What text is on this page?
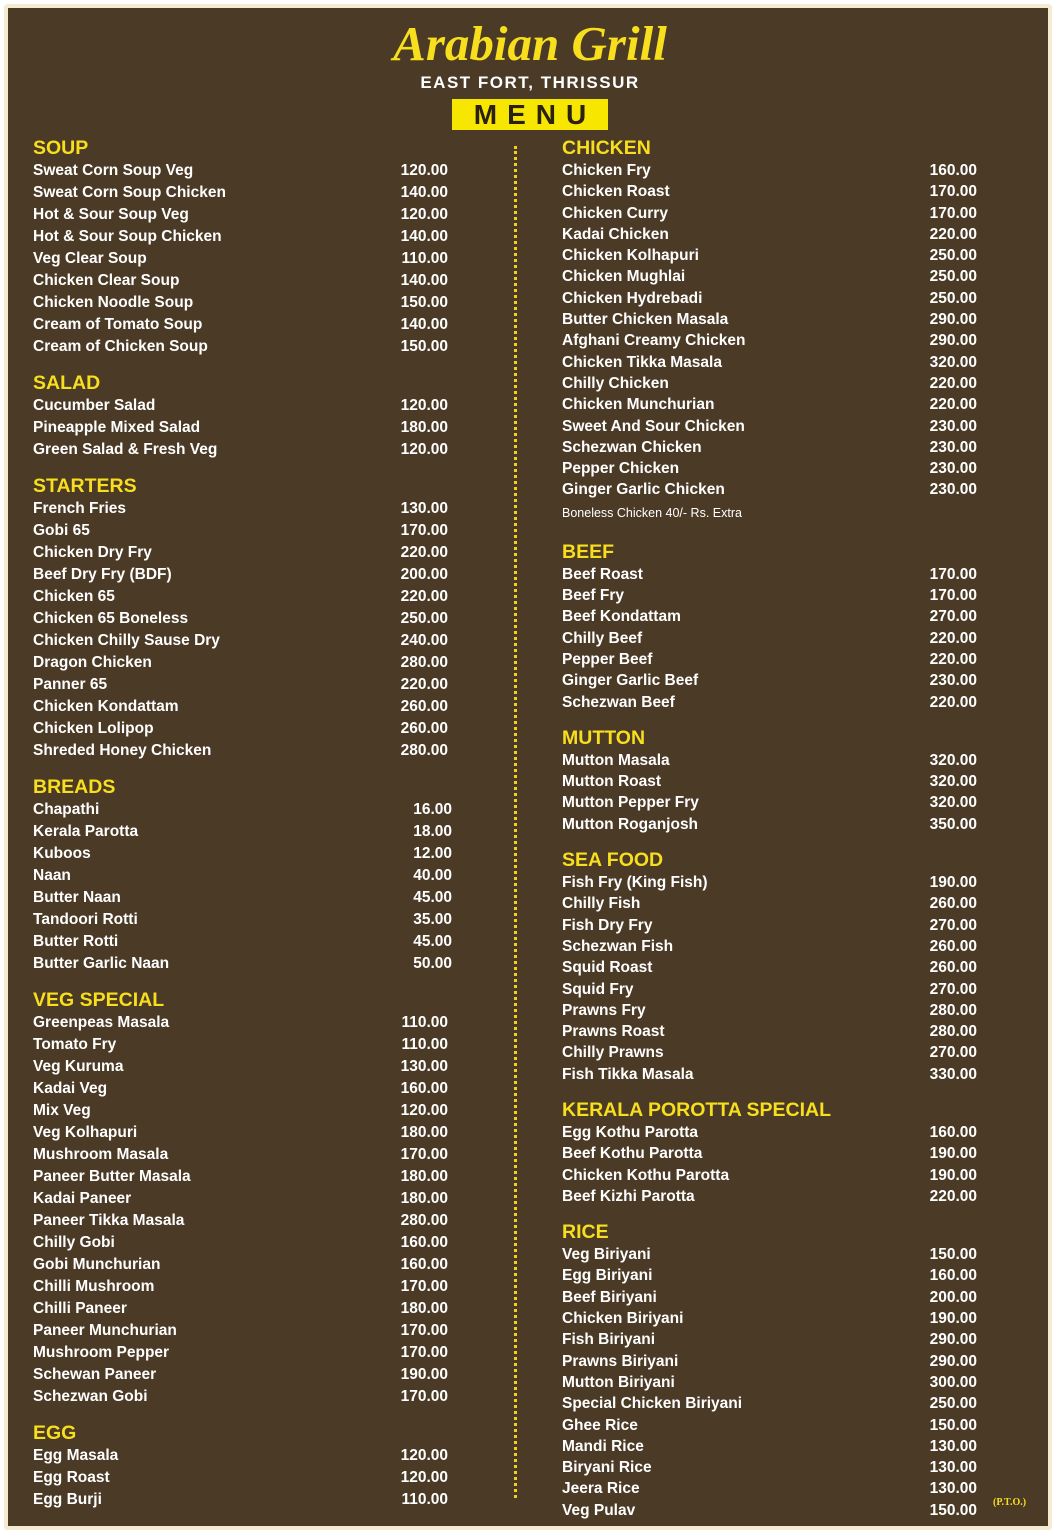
Arabian Grill
EAST FORT, THRISSUR
MENU
SOUP
Sweat Corn Soup Veg	120.00
Sweat Corn Soup Chicken	140.00
Hot & Sour Soup Veg	120.00
Hot & Sour Soup Chicken	140.00
Veg Clear Soup	110.00
Chicken Clear Soup	140.00
Chicken Noodle Soup	150.00
Cream of Tomato Soup	140.00
Cream of Chicken Soup	150.00
SALAD
Cucumber Salad	120.00
Pineapple Mixed Salad	180.00
Green Salad & Fresh Veg	120.00
STARTERS
French Fries	130.00
Gobi 65	170.00
Chicken Dry Fry	220.00
Beef Dry Fry (BDF)	200.00
Chicken 65	220.00
Chicken 65 Boneless	250.00
Chicken Chilly Sause Dry	240.00
Dragon Chicken	280.00
Panner 65	220.00
Chicken Kondattam	260.00
Chicken Lolipop	260.00
Shreded Honey Chicken	280.00
BREADS
Chapathi	16.00
Kerala Parotta	18.00
Kuboos	12.00
Naan	40.00
Butter Naan	45.00
Tandoori Rotti	35.00
Butter Rotti	45.00
Butter Garlic Naan	50.00
VEG SPECIAL
Greenpeas Masala	110.00
Tomato Fry	110.00
Veg Kuruma	130.00
Kadai Veg	160.00
Mix Veg	120.00
Veg Kolhapuri	180.00
Mushroom Masala	170.00
Paneer Butter Masala	180.00
Kadai Paneer	180.00
Paneer Tikka Masala	280.00
Chilly Gobi	160.00
Gobi Munchurian	160.00
Chilli Mushroom	170.00
Chilli Paneer	180.00
Paneer Munchurian	170.00
Mushroom Pepper	170.00
Schewan Paneer	190.00
Schezwan Gobi	170.00
EGG
Egg Masala	120.00
Egg Roast	120.00
Egg Burji	110.00
CHICKEN
Chicken Fry	160.00
Chicken Roast	170.00
Chicken Curry	170.00
Kadai Chicken	220.00
Chicken Kolhapuri	250.00
Chicken Mughlai	250.00
Chicken Hydrebadi	250.00
Butter Chicken Masala	290.00
Afghani Creamy Chicken	290.00
Chicken Tikka Masala	320.00
Chilly Chicken	220.00
Chicken Munchurian	220.00
Sweet And Sour Chicken	230.00
Schezwan Chicken	230.00
Pepper Chicken	230.00
Ginger Garlic Chicken	230.00
Boneless Chicken 40/- Rs. Extra
BEEF
Beef Roast	170.00
Beef Fry	170.00
Beef Kondattam	270.00
Chilly Beef	220.00
Pepper Beef	220.00
Ginger Garlic Beef	230.00
Schezwan Beef	220.00
MUTTON
Mutton Masala	320.00
Mutton Roast	320.00
Mutton Pepper Fry	320.00
Mutton Roganjosh	350.00
SEA FOOD
Fish Fry (King Fish)	190.00
Chilly Fish	260.00
Fish Dry Fry	270.00
Schezwan Fish	260.00
Squid Roast	260.00
Squid Fry	270.00
Prawns Fry	280.00
Prawns Roast	280.00
Chilly Prawns	270.00
Fish Tikka Masala	330.00
KERALA POROTTA SPECIAL
Egg Kothu Parotta	160.00
Beef Kothu Parotta	190.00
Chicken Kothu Parotta	190.00
Beef Kizhi Parotta	220.00
RICE
Veg Biriyani	150.00
Egg Biriyani	160.00
Beef Biriyani	200.00
Chicken Biriyani	190.00
Fish Biriyani	290.00
Prawns Biriyani	290.00
Mutton Biriyani	300.00
Special Chicken Biriyani	250.00
Ghee Rice	150.00
Mandi Rice	130.00
Biryani Rice	130.00
Jeera Rice	130.00
Veg Pulav	150.00 (P.T.O.)
